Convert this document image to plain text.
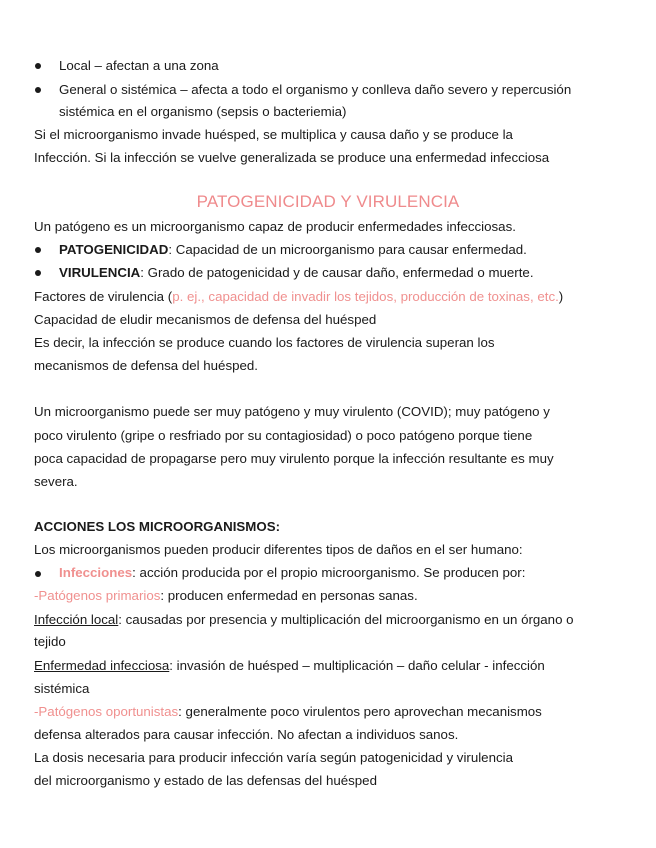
Local – afectan a una zona
General o sistémica – afecta a todo el organismo y conlleva daño severo y repercusión
sistémica en el organismo (sepsis o bacteriemia)
Si el microorganismo invade huésped, se multiplica y causa daño y se produce la
Infección. Si la infección se vuelve generalizada se produce una enfermedad infecciosa
PATOGENICIDAD Y VIRULENCIA
Un patógeno es un microorganismo capaz de producir enfermedades infecciosas.
PATOGENICIDAD: Capacidad de un microorganismo para causar enfermedad.
VIRULENCIA: Grado de patogenicidad y de causar daño, enfermedad o muerte.
Factores de virulencia (p. ej., capacidad de invadir los tejidos, producción de toxinas, etc.)
Capacidad de eludir mecanismos de defensa del huésped
Es decir, la infección se produce cuando los factores de virulencia superan los
mecanismos de defensa del huésped.
Un microorganismo puede ser muy patógeno y muy virulento (COVID); muy patógeno y
poco virulento (gripe o resfriado por su contagiosidad) o poco patógeno porque tiene
poca capacidad de propagarse pero muy virulento porque la infección resultante es muy
severa.
ACCIONES LOS MICROORGANISMOS:
Los microorganismos pueden producir diferentes tipos de daños en el ser humano:
Infecciones: acción producida por el propio microorganismo. Se producen por:
-Patógenos primarios: producen enfermedad en personas sanas.
Infección local: causadas por presencia y multiplicación del microorganismo en un órgano o
tejido
Enfermedad infecciosa: invasión de huésped – multiplicación – daño celular - infección
sistémica
-Patógenos oportunistas: generalmente poco virulentos pero aprovechan mecanismos
defensa alterados para causar infección. No afectan a individuos sanos.
La dosis necesaria para producir infección varía según patogenicidad y virulencia
del microorganismo y estado de las defensas del huésped
